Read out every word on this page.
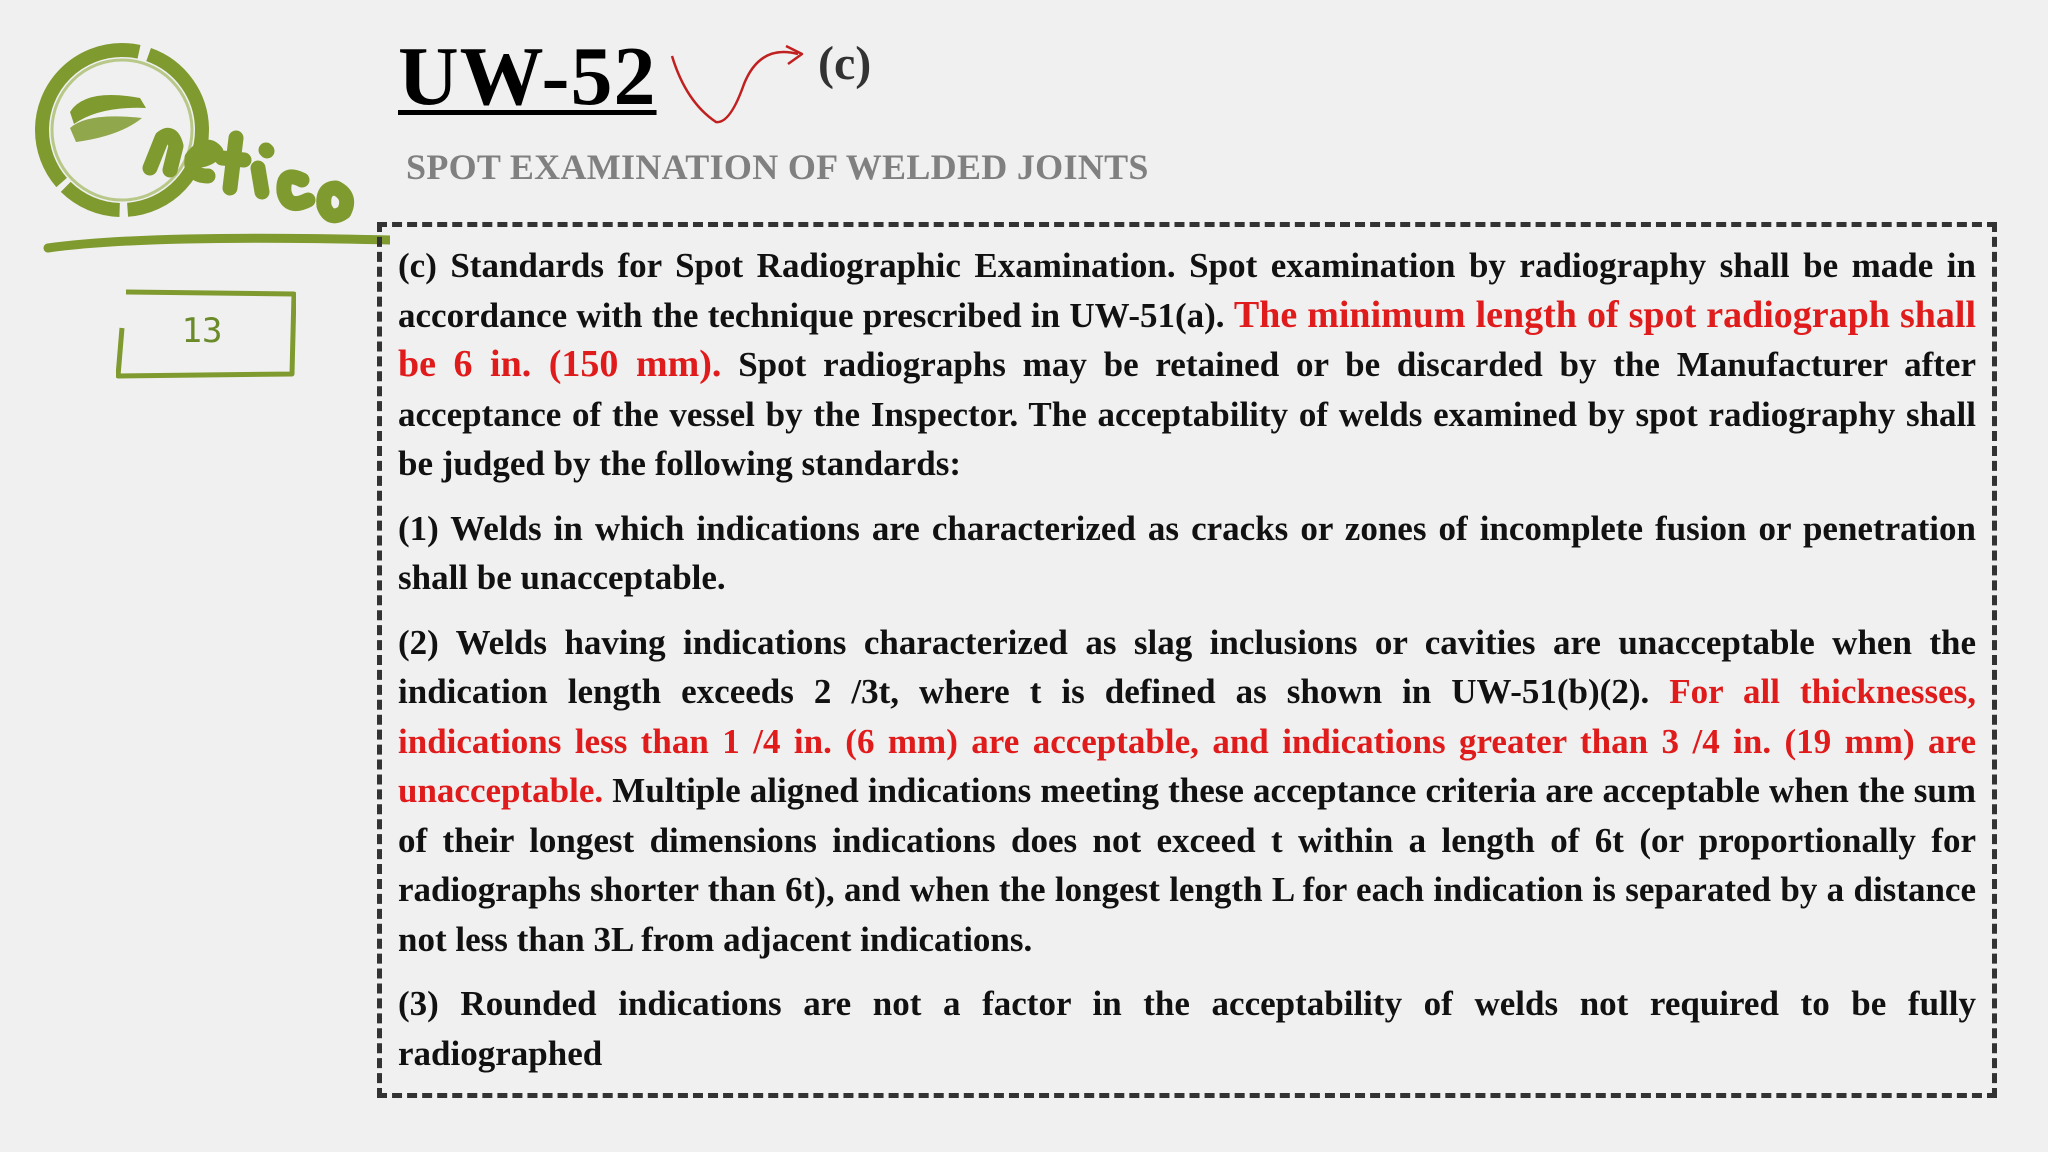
13
UW-52	(c)
SPOT EXAMINATION OF WELDED JOINTS

(c) Standards for Spot Radiographic Examination. Spot examination by radiography shall be made in accordance with the technique prescribed in UW-51(a). The minimum length of spot radiograph shall be 6 in. (150 mm). Spot radiographs may be retained or be discarded by the Manufacturer after acceptance of the vessel by the Inspector. The acceptability of welds examined by spot radiography shall be judged by the following standards:

(1) Welds in which indications are characterized as cracks or zones of incomplete fusion or penetration shall be unacceptable.

(2) Welds having indications characterized as slag inclusions or cavities are unacceptable when the indication length exceeds 2 /3t, where t is defined as shown in UW-51(b)(2). For all thicknesses, indications less than 1 /4 in. (6 mm) are acceptable, and indications greater than 3 /4 in. (19 mm) are unacceptable. Multiple aligned indications meeting these acceptance criteria are acceptable when the sum of their longest dimensions indications does not exceed t within a length of 6t (or proportionally for radiographs shorter than 6t), and when the longest length L for each indication is separated by a distance not less than 3L from adjacent indications.

(3) Rounded indications are not a factor in the acceptability of welds not required to be fully radiographed
